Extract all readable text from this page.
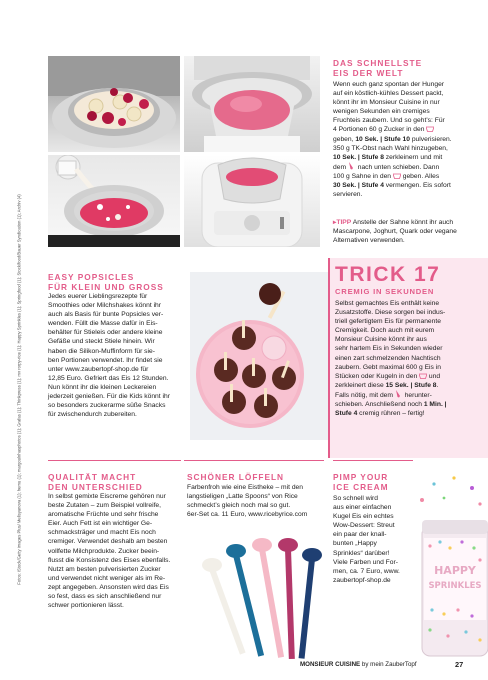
Fotos: iStock/Getty images Plus/ Melisyanova (1); hemu (1); margoulnhasphotos (1); Grafas (1); Thinkpress (1); mv rorpy-rice (1); Happy Sprinkles (1); Springfood (1); Stock/food/Bauer Syndication (1); Archiv (4)	HAPPY
SPRINKLES
DAS SCHNELLSTE
EIS DER WELT
Wenn euch ganz spontan der Hunger
auf ein köstlich-kühles Dessert packt,
könnt ihr im Monsieur Cuisine in nur
wenigen Sekunden ein cremiges
Fruchteis zaubern. Und so geht’s: Für
4 Portionen 60 g Zucker in den
geben, 10 Sek. | Stufe 10 pulverisieren.
350 g TK-Obst nach Wahl hinzugeben,
10 Sek. | Stufe 8 zerkleinern und mit
dem  nach unten schieben. Dann
100 g Sahne in den  geben. Alles
30 Sek. | Stufe 4 vermengen. Eis sofort
servieren.
▸TIPP Anstelle der Sahne könnt ihr auch Mascarpone, Joghurt, Quark oder vegane Alternativen verwenden.
EASY POPSICLES
FÜR KLEIN UND GROSS
Jedes euerer Lieblingsrezepte für
Smoothies oder Milchshakes könnt ihr
auch als Basis für bunte Popsicles ver-
wenden. Füllt die Masse dafür in Eis-
behälter für Stieleis oder andere kleine
Gefäße und steckt Stiele hinein. Wir
haben die Silikon-Muffinform für sie-
ben Portionen verwendet. Ihr findet sie
unter www.zaubertopf-shop.de für
12,85 Euro. Gefriert das Eis 12 Stunden.
Nun könnt ihr die kleinen Leckereien
jederzeit genießen. Für die Kids könnt ihr
so besonders zuckerarme süße Snacks
für zwischendurch zubereiten.
TRICK 17
CREMIG IN SEKUNDEN
Selbst gemachtes Eis enthält keine
Zusatzstoffe. Diese sorgen bei indus-
triell gefertigtem Eis für permanente
Cremigkeit. Doch auch mit eurem
Monsieur Cuisine könnt ihr aus
sehr hartem Eis in Sekunden wieder
einen zart schmelzenden Nachtisch
zaubern. Gebt maximal 600 g Eis in
Stücken oder Kugeln in den  und
zerkleinert diese 15 Sek. | Stufe 8.
Falls nötig, mit dem  herunter-
schieben. Anschließend noch 1 Min. |
Stufe 4 cremig rühren – fertig!
QUALITÄT MACHT
DEN UNTERSCHIED
In selbst gemixte Eiscreme gehören nur
beste Zutaten – zum Beispiel vollreife,
aromatische Früchte und sehr frische
Eier. Auch Fett ist ein wichtiger Ge-
schmacksträger und macht Eis noch
cremiger. Verwendet deshalb am besten
vollfette Milchprodukte. Zucker beein-
flusst die Konsistenz des Eises ebenfalls.
Nutzt am besten pulverisierten Zucker
und verwendet nicht weniger als im Re-
zept angegeben. Ansonsten wird das Eis
so fest, dass es sich anschließend nur
schwer portionieren lässt.
SCHÖNER LÖFFELN
Farbenfroh wie eine Eistheke – mit den
langstieligen „Latte Spoons“ von Rice
schmeckt’s gleich noch mal so gut.
6er-Set ca. 11 Euro, www.ricebyrice.com
PIMP YOUR
ICE CREAM
So schnell wird
aus einer einfachen
Kugel Eis ein echtes
Wow-Dessert: Streut
ein paar der knall-
bunten „Happy
Sprinkles“ darüber!
Viele Farben und For-
men, ca. 7 Euro, www.
zaubertopf-shop.de
MONSIEUR CUISINE by mein ZauberTopf	27
